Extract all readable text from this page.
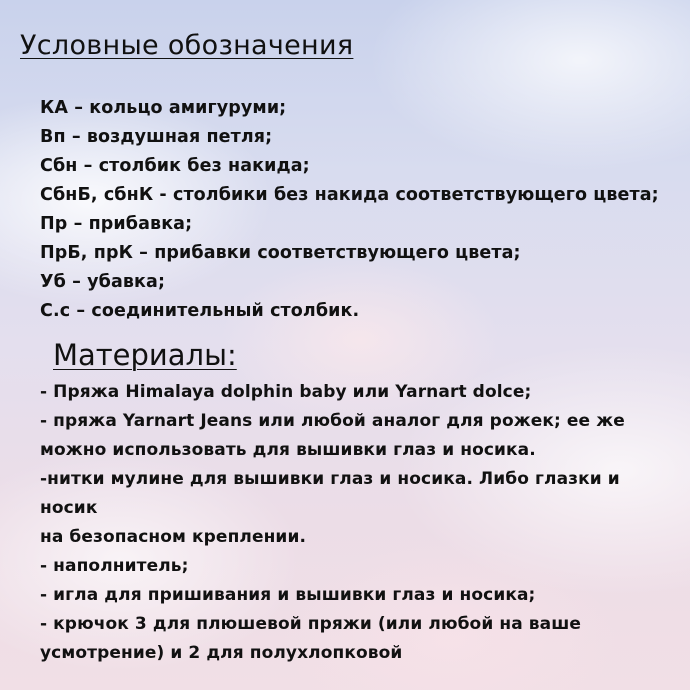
Условные обозначения
КА – кольцо амигуруми;
Вп – воздушная петля;
Сбн – столбик без накида;
СбнБ, сбнК - столбики без накида соответствующего цвета;
Пр – прибавка;
ПрБ, прК – прибавки соответствующего цвета;
Уб – убавка;
С.с – соединительный столбик.
Материалы:
- Пряжа Himalaya dolphin baby или Yarnart dolce;
- пряжа Yarnart Jeans или любой аналог для рожек; ее же
можно использовать для вышивки глаз и носика.
-нитки мулине для вышивки глаз и носика. Либо глазки и
носик
на безопасном креплении.
- наполнитель;
- игла для пришивания и вышивки глаз и носика;
- крючок 3 для плюшевой пряжи (или любой на ваше
усмотрение) и 2 для полухлопковой
